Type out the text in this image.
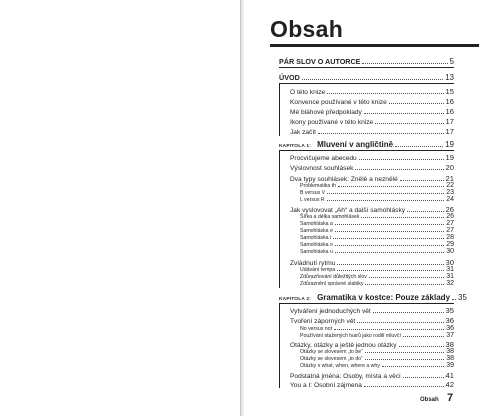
Obsah
PÁR SLOV O AUTORCE	5
ÚVOD	13
O této knize	15
Konvence používané v této knize	16
Mé bláhové předpoklady	16
Ikony používané v této knize	17
Jak začít	17
KAPITOLA 1: Mluvení v angličtině	19
Procvičujeme abecedu	19
Výslovnost souhlásek	20
Dva typy souhlásek: Znělé a neznělé	21
Problematika th	22
B versus V	23
L versus R	24
Jak vyslovovat „Ah“ a další samohlásky	26
Šířka a délka samohlásek	26
Samohláska a	27
Samohláska e	27
Samohláska i	28
Samohláska o	29
Samohláska u	30
Zvládnutí rytmu	30
Udávání tempa	31
Zdůrazňování důležitých slov	31
Zdůraznění správné slabiky	32
KAPITOLA 2: Gramatika v kostce: Pouze základy 35
Vytváření jednoduchých vět	35
Tvoření záporných vět	36
No versus not	36
Používání stažených tvarů jako rodilí mluvčí	37
Otázky, otázky a ještě jednou otázky	38
Otázky se slovesem „to be“	38
Otázky se slovesem „to do“	38
Otázky s what, when, where a why	39
Podstatná jména: Osoby, místa a věci	41
You a I: Osobní zájmena	42
Obsah 7
